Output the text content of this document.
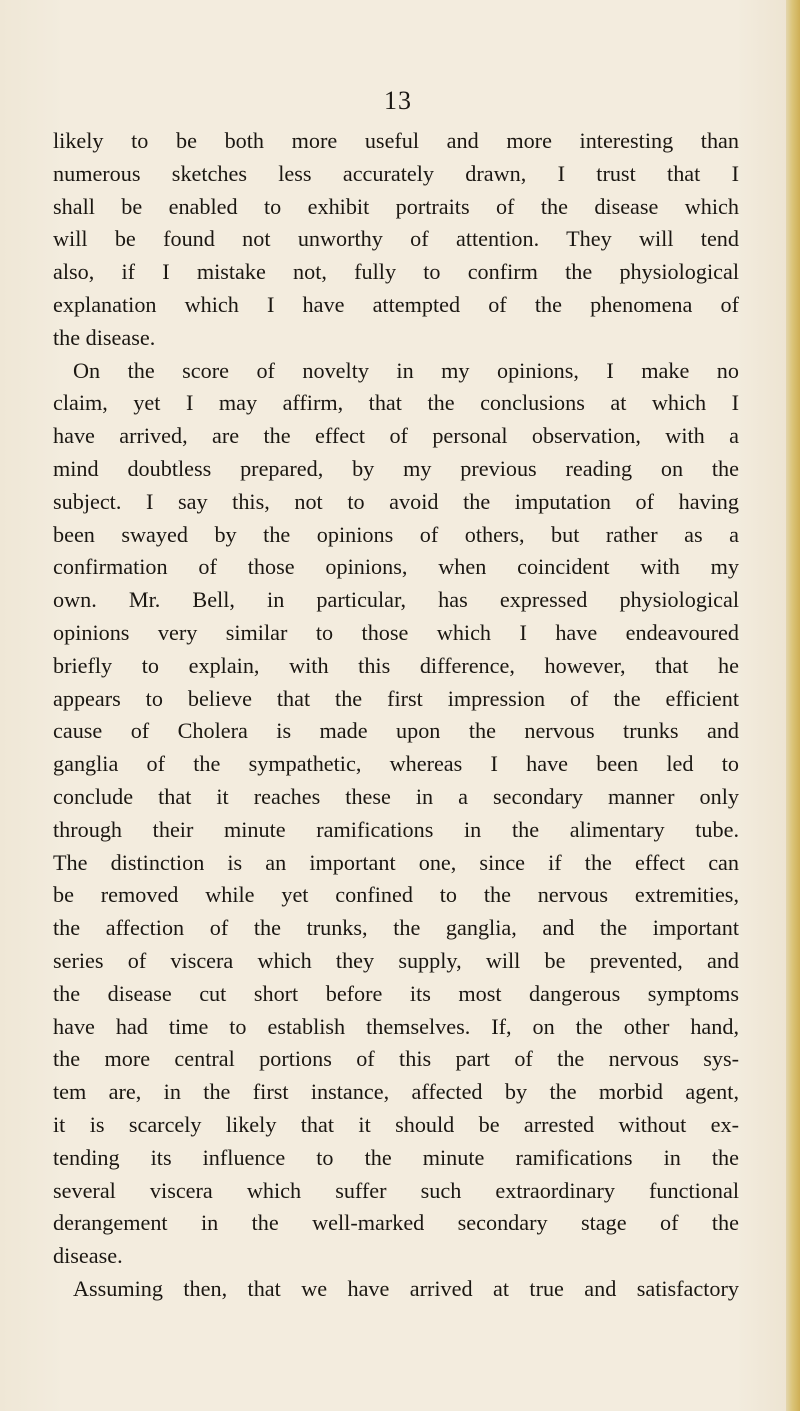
13
likely to be both more useful and more interesting than
numerous sketches less accurately drawn, I trust that I
shall be enabled to exhibit portraits of the disease which
will be found not unworthy of attention. They will tend
also, if I mistake not, fully to confirm the physiological
explanation which I have attempted of the phenomena of
the disease.
On the score of novelty in my opinions, I make no
claim, yet I may affirm, that the conclusions at which I
have arrived, are the effect of personal observation, with a
mind doubtless prepared, by my previous reading on the
subject. I say this, not to avoid the imputation of having
been swayed by the opinions of others, but rather as a
confirmation of those opinions, when coincident with my
own. Mr. Bell, in particular, has expressed physiological
opinions very similar to those which I have endeavoured
briefly to explain, with this difference, however, that he
appears to believe that the first impression of the efficient
cause of Cholera is made upon the nervous trunks and
ganglia of the sympathetic, whereas I have been led to
conclude that it reaches these in a secondary manner only
through their minute ramifications in the alimentary tube.
The distinction is an important one, since if the effect can
be removed while yet confined to the nervous extremities,
the affection of the trunks, the ganglia, and the important
series of viscera which they supply, will be prevented, and
the disease cut short before its most dangerous symptoms
have had time to establish themselves. If, on the other hand,
the more central portions of this part of the nervous sys-
tem are, in the first instance, affected by the morbid agent,
it is scarcely likely that it should be arrested without ex-
tending its influence to the minute ramifications in the
several viscera which suffer such extraordinary functional
derangement in the well-marked secondary stage of the
disease.
Assuming then, that we have arrived at true and satisfactory
